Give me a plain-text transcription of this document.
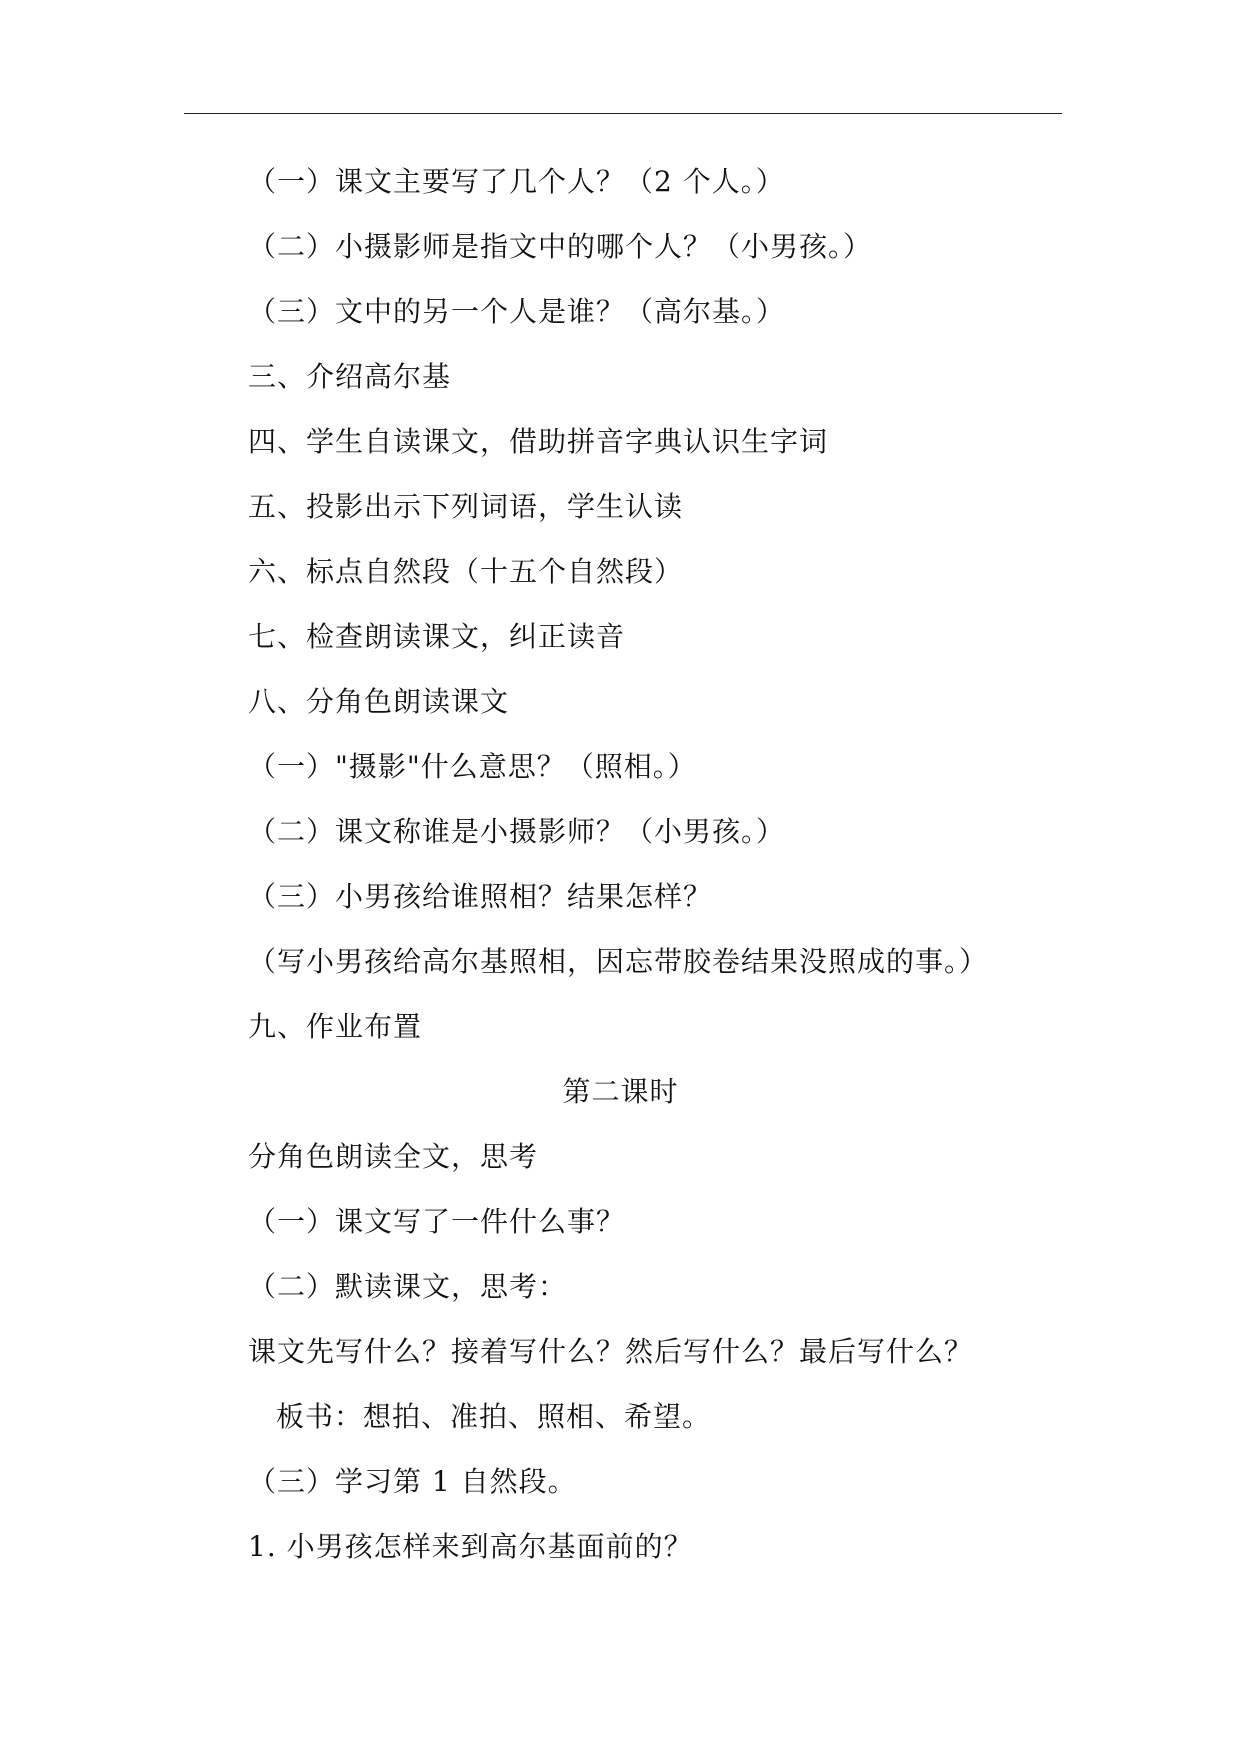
（一）课文主要写了几个人？（2 个人。）
（二）小摄影师是指文中的哪个人？（小男孩。）
（三）文中的另一个人是谁？（高尔基。）
三、介绍高尔基
四、学生自读课文，借助拼音字典认识生字词
五、投影出示下列词语，学生认读
六、标点自然段（十五个自然段）
七、检查朗读课文，纠正读音
八、分角色朗读课文
（一）"摄影"什么意思？（照相。）
（二）课文称谁是小摄影师？（小男孩。）
（三）小男孩给谁照相？结果怎样？
（写小男孩给高尔基照相，因忘带胶卷结果没照成的事。）
九、作业布置
第二课时
分角色朗读全文，思考
（一）课文写了一件什么事？
（二）默读课文，思考：
课文先写什么？接着写什么？然后写什么？最后写什么？
板书：想拍、准拍、照相、希望。
（三）学习第 1 自然段。
1. 小男孩怎样来到高尔基面前的？
